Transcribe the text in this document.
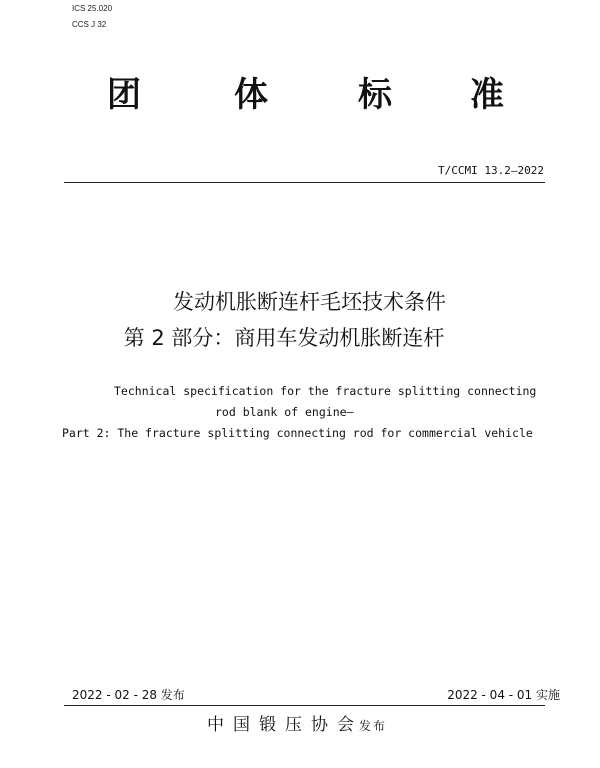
ICS 25.020
CCS J 32
团	体	标 准
T/CCMI 13.2—2022
发动机胀断连杆毛坯技术条件
第 2 部分：商用车发动机胀断连杆
Technical specification for the fracture splitting connecting
rod blank of engine—
Part 2: The fracture splitting connecting rod for commercial vehicle
2022 - 02 - 28 发布	2022 - 04 - 01 实施
中国锻压协会发布
